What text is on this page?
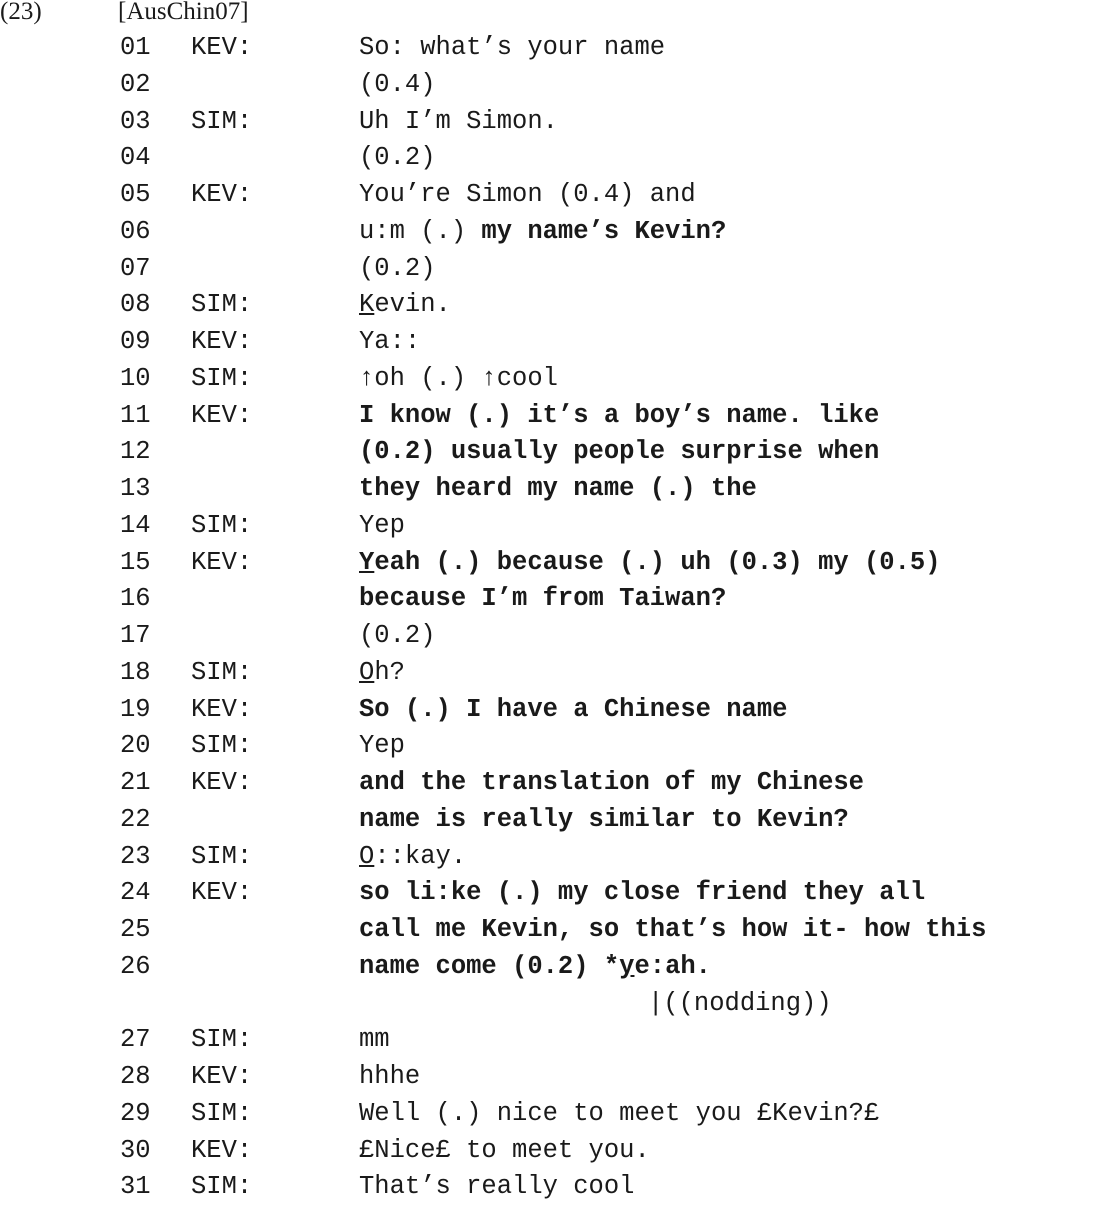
(23)	[AusChin07]
01 KEV:	So: what’s your name
02	(0.4)
03 SIM:	Uh I’m Simon.
04	(0.2)
05 KEV:	You’re Simon (0.4) and
06	u:m (.) my name’s Kevin?
07	(0.2)
08 SIM:	Kevin.
09 KEV:	Ya::
10 SIM:	↑oh (.) ↑cool
11 KEV:	I know (.) it’s a boy’s name. like
12	(0.2) usually people surprise when
13	they heard my name (.) the
14 SIM:	Yep
15 KEV:	Yeah (.) because (.) uh (0.3) my (0.5)
16	because I’m from Taiwan?
17	(0.2)
18 SIM:	Oh?
19 KEV:	So (.) I have a Chinese name
20 SIM:	Yep
21 KEV:	and the translation of my Chinese
22	name is really similar to Kevin?
23 SIM:	O::kay.
24 KEV:	so li:ke (.) my close friend they all
25	call me Kevin, so that’s how it- how this
26	name come (0.2) *ye:ah.
|((nodding))
27 SIM:	mm
28 KEV:	hhhe
29 SIM:	Well (.) nice to meet you £Kevin?£
30 KEV:	£Nice£ to meet you.
31 SIM:	That’s really cool
